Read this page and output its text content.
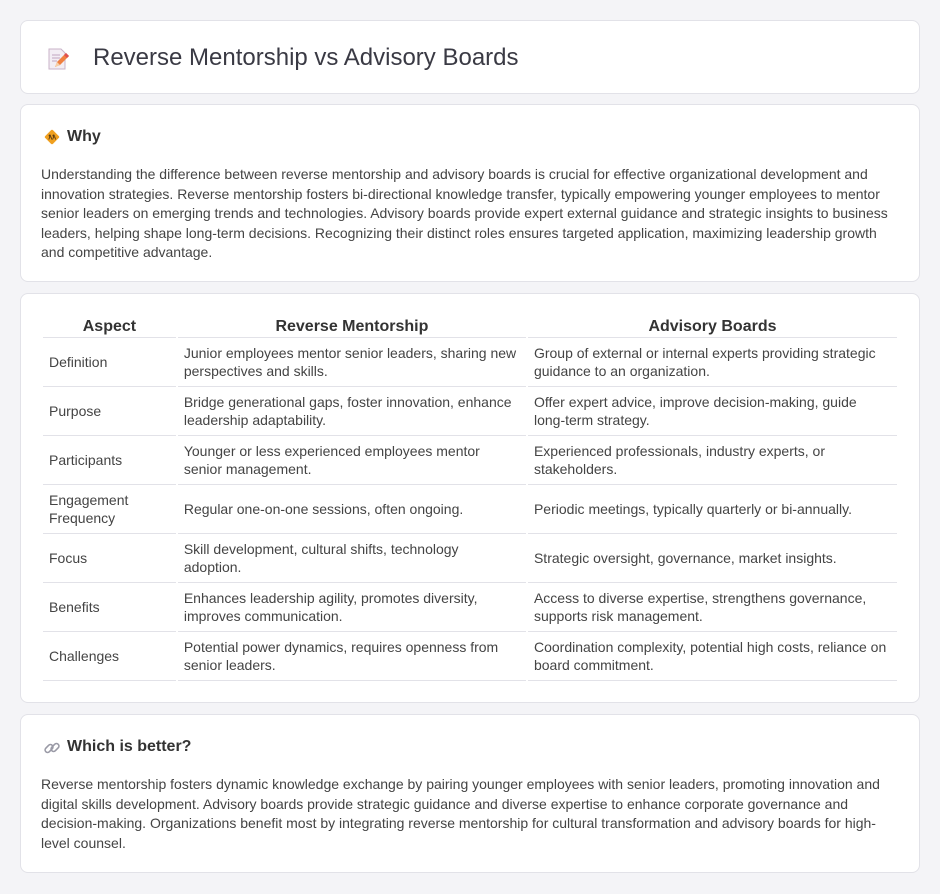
Reverse Mentorship vs Advisory Boards
Why

Understanding the difference between reverse mentorship and advisory boards is crucial for effective organizational development and innovation strategies. Reverse mentorship fosters bi-directional knowledge transfer, typically empowering younger employees to mentor senior leaders on emerging trends and technologies. Advisory boards provide expert external guidance and strategic insights to business leaders, helping shape long-term decisions. Recognizing their distinct roles ensures targeted application, maximizing leadership growth and competitive advantage.

Aspect	Reverse Mentorship	Advisory Boards
Definition	Junior employees mentor senior leaders, sharing new perspectives and skills.	Group of external or internal experts providing strategic guidance to an organization.
Purpose	Bridge generational gaps, foster innovation, enhance leadership adaptability.	Offer expert advice, improve decision-making, guide long-term strategy.
Participants	Younger or less experienced employees mentor senior management.	Experienced professionals, industry experts, or stakeholders.
Engagement Frequency	Regular one-on-one sessions, often ongoing.	Periodic meetings, typically quarterly or bi-annually.
Focus	Skill development, cultural shifts, technology adoption.	Strategic oversight, governance, market insights.
Benefits	Enhances leadership agility, promotes diversity, improves communication.	Access to diverse expertise, strengthens governance, supports risk management.
Challenges	Potential power dynamics, requires openness from senior leaders.	Coordination complexity, potential high costs, reliance on board commitment.
Which is better?

Reverse mentorship fosters dynamic knowledge exchange by pairing younger employees with senior leaders, promoting innovation and digital skills development. Advisory boards provide strategic guidance and diverse expertise to enhance corporate governance and decision-making. Organizations benefit most by integrating reverse mentorship for cultural transformation and advisory boards for high-level counsel.
